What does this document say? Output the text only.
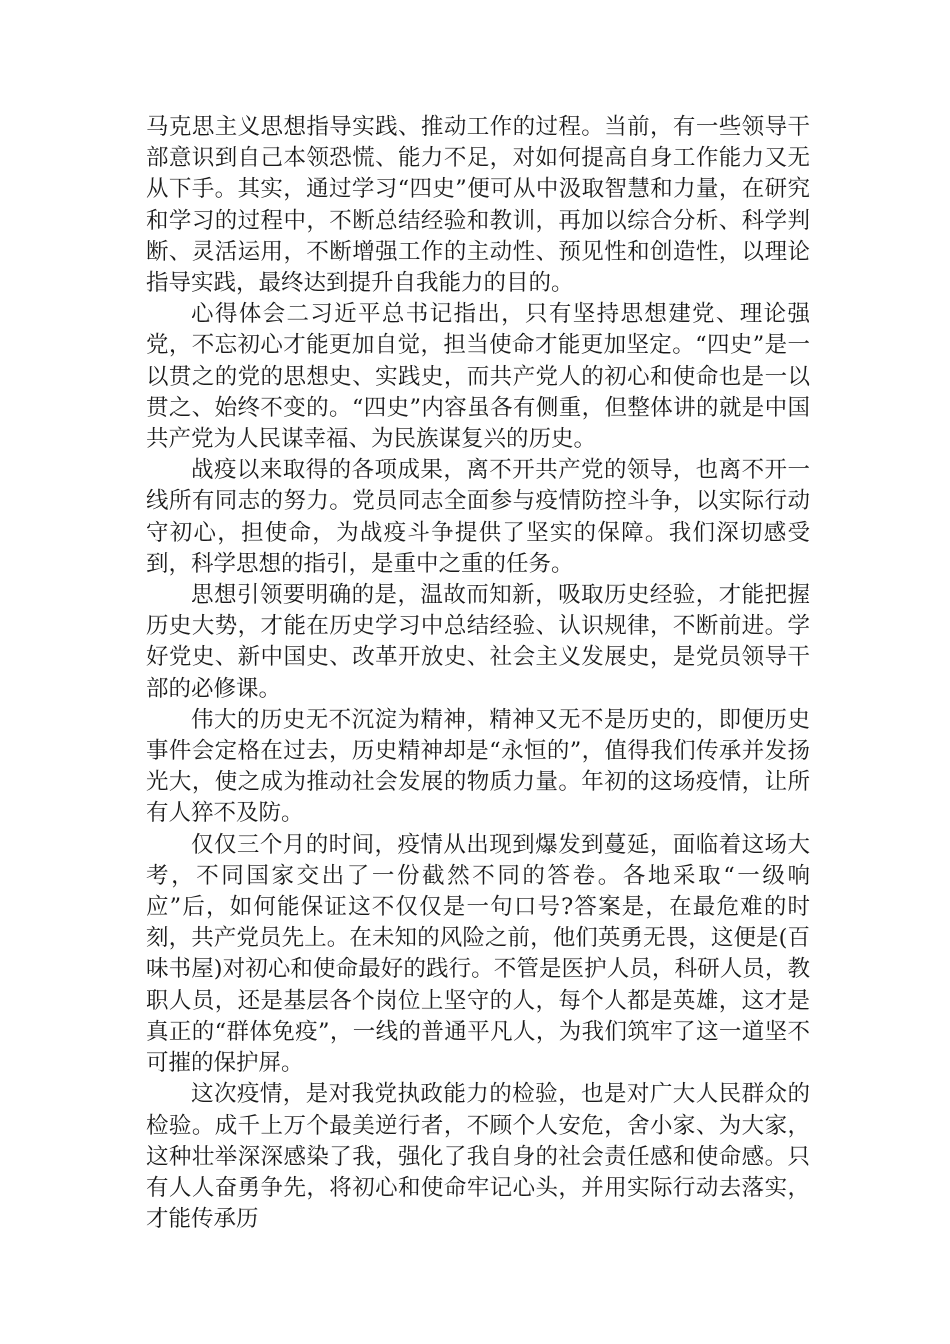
马克思主义思想指导实践、推动工作的过程。当前，有一些领导干部意识到自己本领恐慌、能力不足，对如何提高自身工作能力又无从下手。其实，通过学习“四史”便可从中汲取智慧和力量，在研究和学习的过程中，不断总结经验和教训，再加以综合分析、科学判断、灵活运用，不断增强工作的主动性、预见性和创造性，以理论指导实践，最终达到提升自我能力的目的。

心得体会二习近平总书记指出，只有坚持思想建党、理论强党，不忘初心才能更加自觉，担当使命才能更加坚定。“四史”是一以贯之的党的思想史、实践史，而共产党人的初心和使命也是一以贯之、始终不变的。“四史”内容虽各有侧重，但整体讲的就是中国共产党为人民谋幸福、为民族谋复兴的历史。

战疫以来取得的各项成果，离不开共产党的领导，也离不开一线所有同志的努力。党员同志全面参与疫情防控斗争，以实际行动守初心，担使命，为战疫斗争提供了坚实的保障。我们深切感受到，科学思想的指引，是重中之重的任务。

思想引领要明确的是，温故而知新，吸取历史经验，才能把握历史大势，才能在历史学习中总结经验、认识规律，不断前进。学好党史、新中国史、改革开放史、社会主义发展史，是党员领导干部的必修课。

伟大的历史无不沉淀为精神，精神又无不是历史的，即便历史事件会定格在过去，历史精神却是“永恒的”，值得我们传承并发扬光大，使之成为推动社会发展的物质力量。年初的这场疫情，让所有人猝不及防。

仅仅三个月的时间，疫情从出现到爆发到蔓延，面临着这场大考，不同国家交出了一份截然不同的答卷。各地采取“一级响应”后，如何能保证这不仅仅是一句口号?答案是，在最危难的时刻，共产党员先上。在未知的风险之前，他们英勇无畏，这便是(百味书屋)对初心和使命最好的践行。不管是医护人员，科研人员，教职人员，还是基层各个岗位上坚守的人，每个人都是英雄，这才是真正的“群体免疫”，一线的普通平凡人，为我们筑牢了这一道坚不可摧的保护屏。

这次疫情，是对我党执政能力的检验，也是对广大人民群众的检验。成千上万个最美逆行者，不顾个人安危，舍小家、为大家，这种壮举深深感染了我，强化了我自身的社会责任感和使命感。只有人人奋勇争先，将初心和使命牢记心头，并用实际行动去落实，才能传承历
